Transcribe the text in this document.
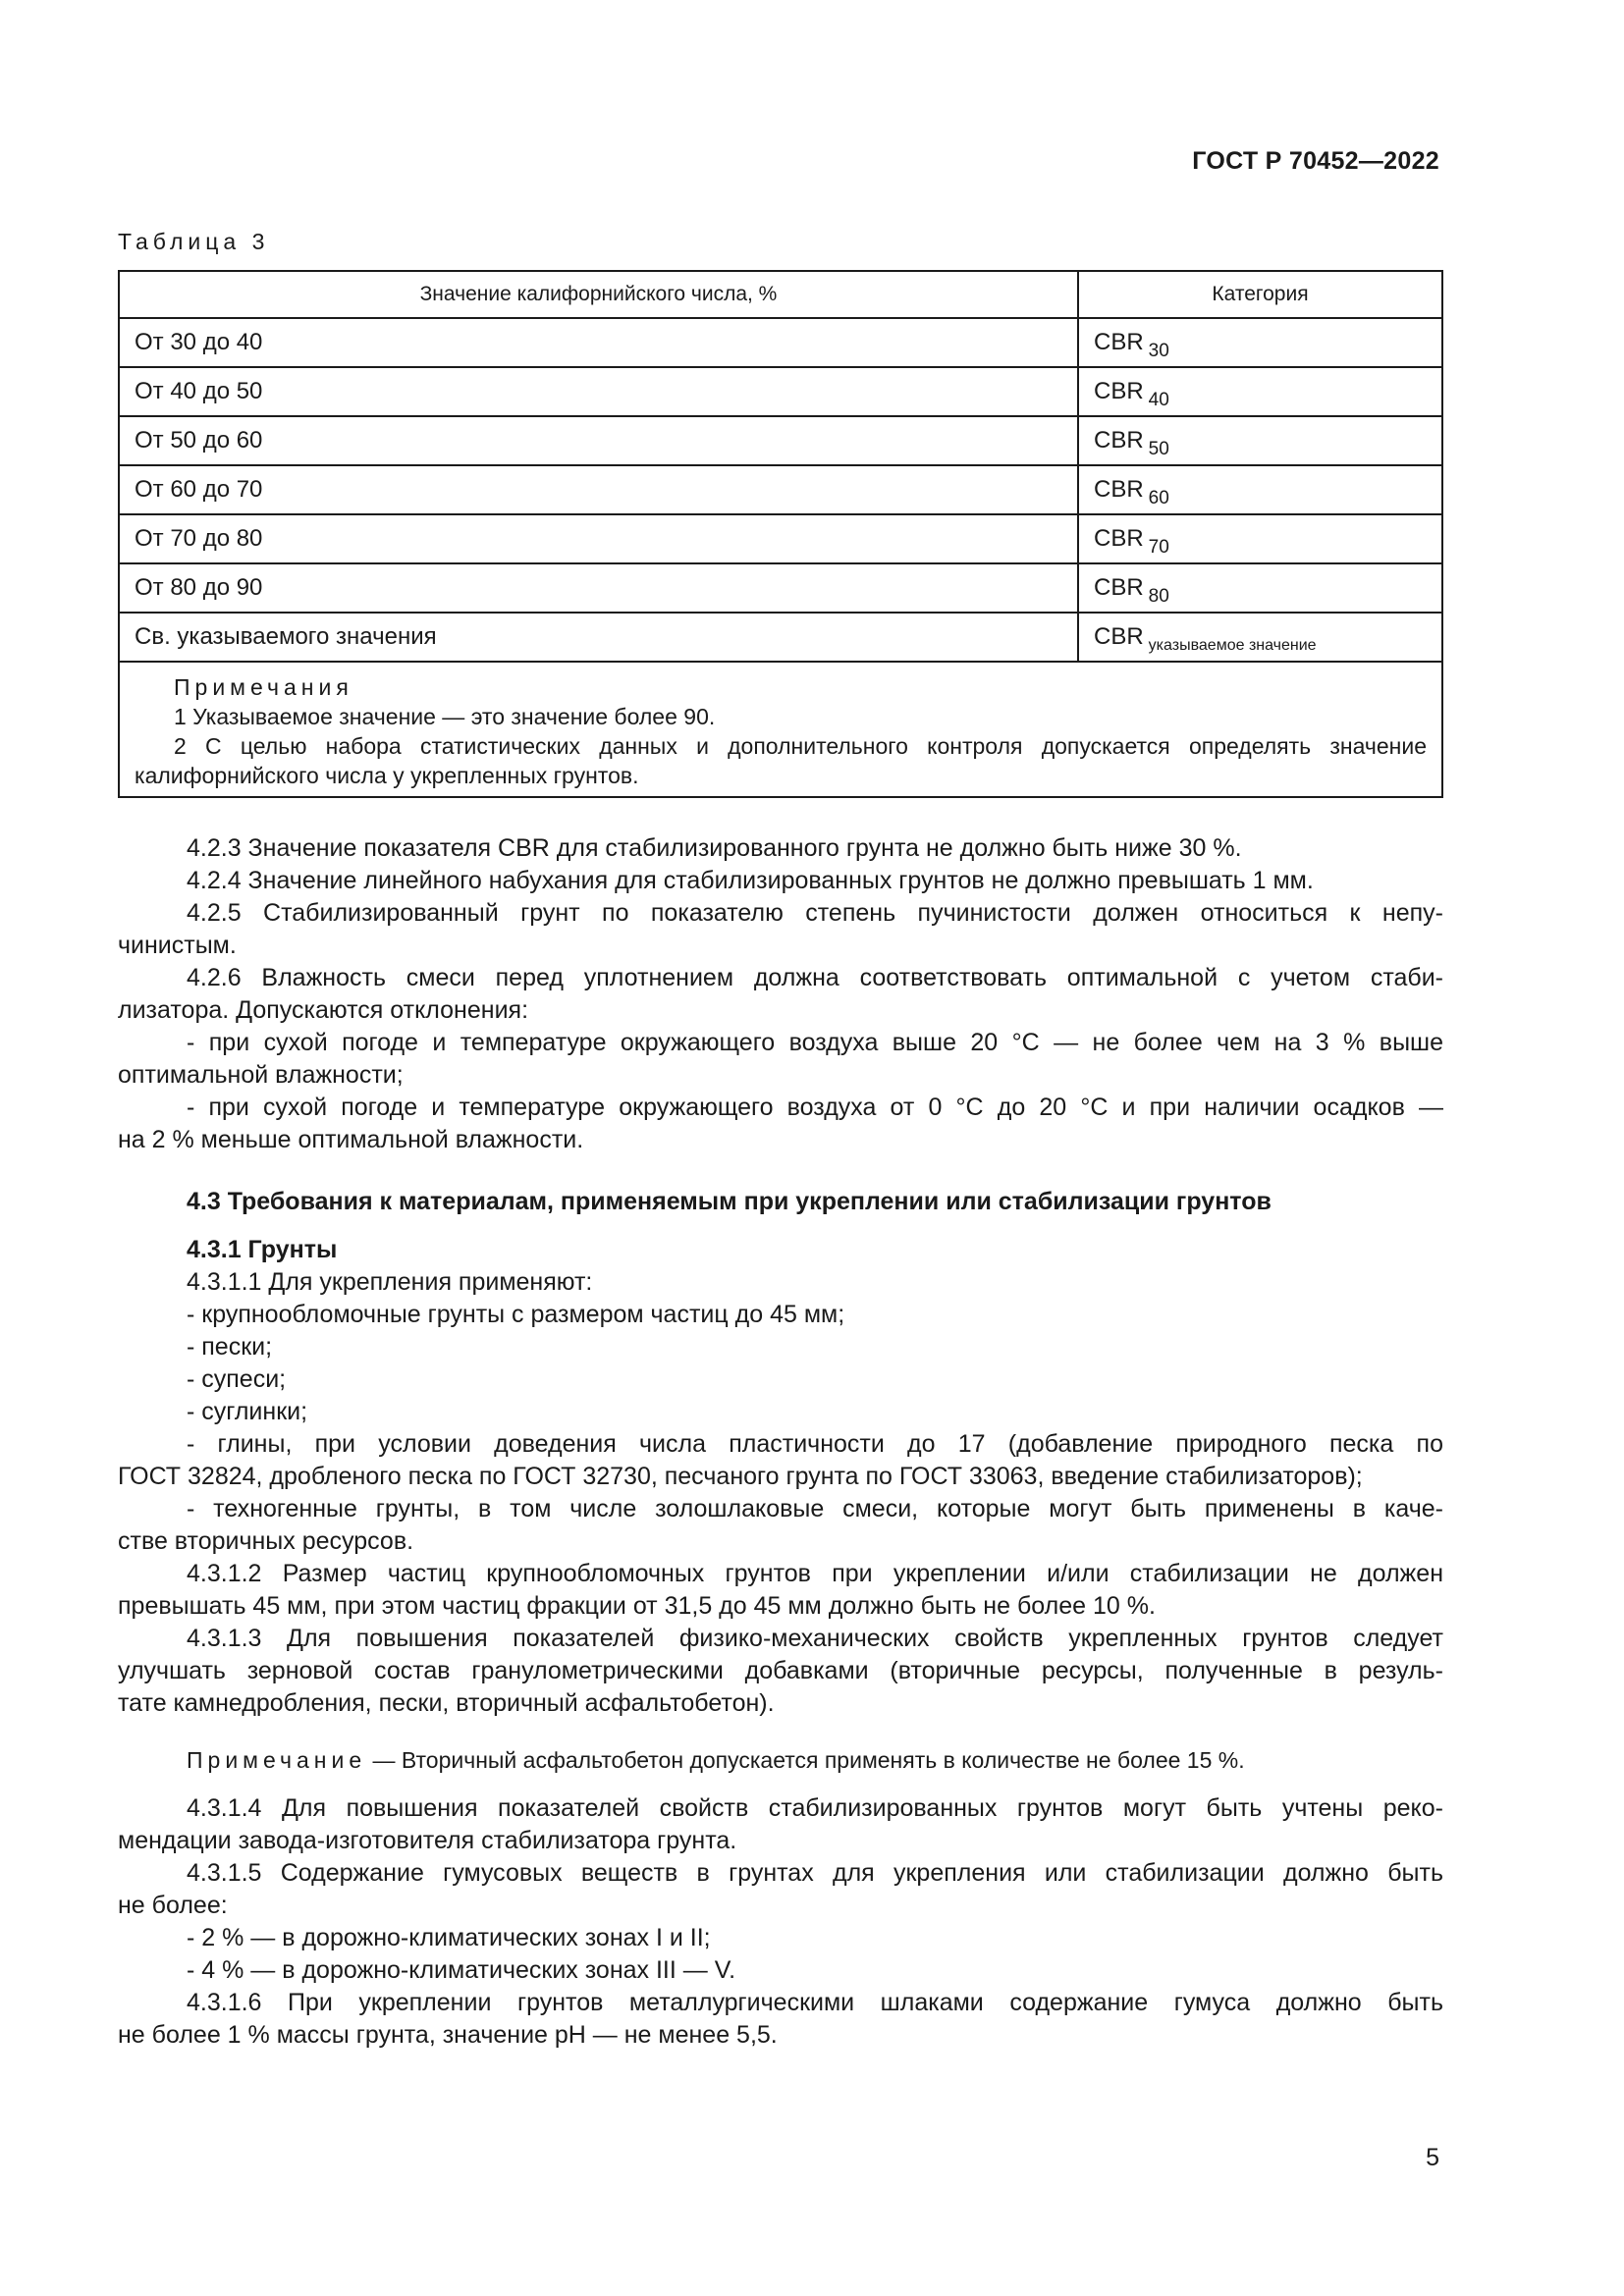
ГОСТ Р 70452—2022
Таблица 3
Значение калифорнийского числа, %	Категория
От 30 до 40	CBR 30
От 40 до 50	CBR 40
От 50 до 60	CBR 50
От 60 до 70	CBR 60
От 70 до 80	CBR 70
От 80 до 90	CBR 80
Св. указываемого значения	CBR указываемое значение
Примечания
1 Указываемое значение — это значение более 90.
2 С целью набора статистических данных и дополнительного контроля допускается определять значение
калифорнийского числа у укрепленных грунтов.
4.2.3 Значение показателя CBR для стабилизированного грунта не должно быть ниже 30 %.
4.2.4 Значение линейного набухания для стабилизированных грунтов не должно превышать 1 мм.
4.2.5 Стабилизированный грунт по показателю степень пучинистости должен относиться к непу-
чинистым.
4.2.6 Влажность смеси перед уплотнением должна соответствовать оптимальной с учетом стаби-
лизатора. Допускаются отклонения:
- при сухой погоде и температуре окружающего воздуха выше 20 °С — не более чем на 3 % выше
оптимальной влажности;
- при сухой погоде и температуре окружающего воздуха от 0 °С до 20 °С и при наличии осадков —
на 2 % меньше оптимальной влажности.
4.3 Требования к материалам, применяемым при укреплении или стабилизации грунтов
4.3.1 Грунты
4.3.1.1 Для укрепления применяют:
- крупнообломочные грунты с размером частиц до 45 мм;
- пески;
- супеси;
- суглинки;
- глины, при условии доведения числа пластичности до 17 (добавление природного песка по
ГОСТ 32824, дробленого песка по ГОСТ 32730, песчаного грунта по ГОСТ 33063, введение стабилизаторов);
- техногенные грунты, в том числе золошлаковые смеси, которые могут быть применены в каче-
стве вторичных ресурсов.
4.3.1.2 Размер частиц крупнообломочных грунтов при укреплении и/или стабилизации не должен
превышать 45 мм, при этом частиц фракции от 31,5 до 45 мм должно быть не более 10 %.
4.3.1.3 Для повышения показателей физико-механических свойств укрепленных грунтов следует
улучшать зерновой состав гранулометрическими добавками (вторичные ресурсы, полученные в резуль-
тате камнедробления, пески, вторичный асфальтобетон).
Примечание — Вторичный асфальтобетон допускается применять в количестве не более 15 %.
4.3.1.4 Для повышения показателей свойств стабилизированных грунтов могут быть учтены реко-
мендации завода-изготовителя стабилизатора грунта.
4.3.1.5 Содержание гумусовых веществ в грунтах для укрепления или стабилизации должно быть
не более:
- 2 % — в дорожно-климатических зонах I и II;
- 4 % — в дорожно-климатических зонах III — V.
4.3.1.6 При укреплении грунтов металлургическими шлаками содержание гумуса должно быть
не более 1 % массы грунта, значение pH — не менее 5,5.
5
